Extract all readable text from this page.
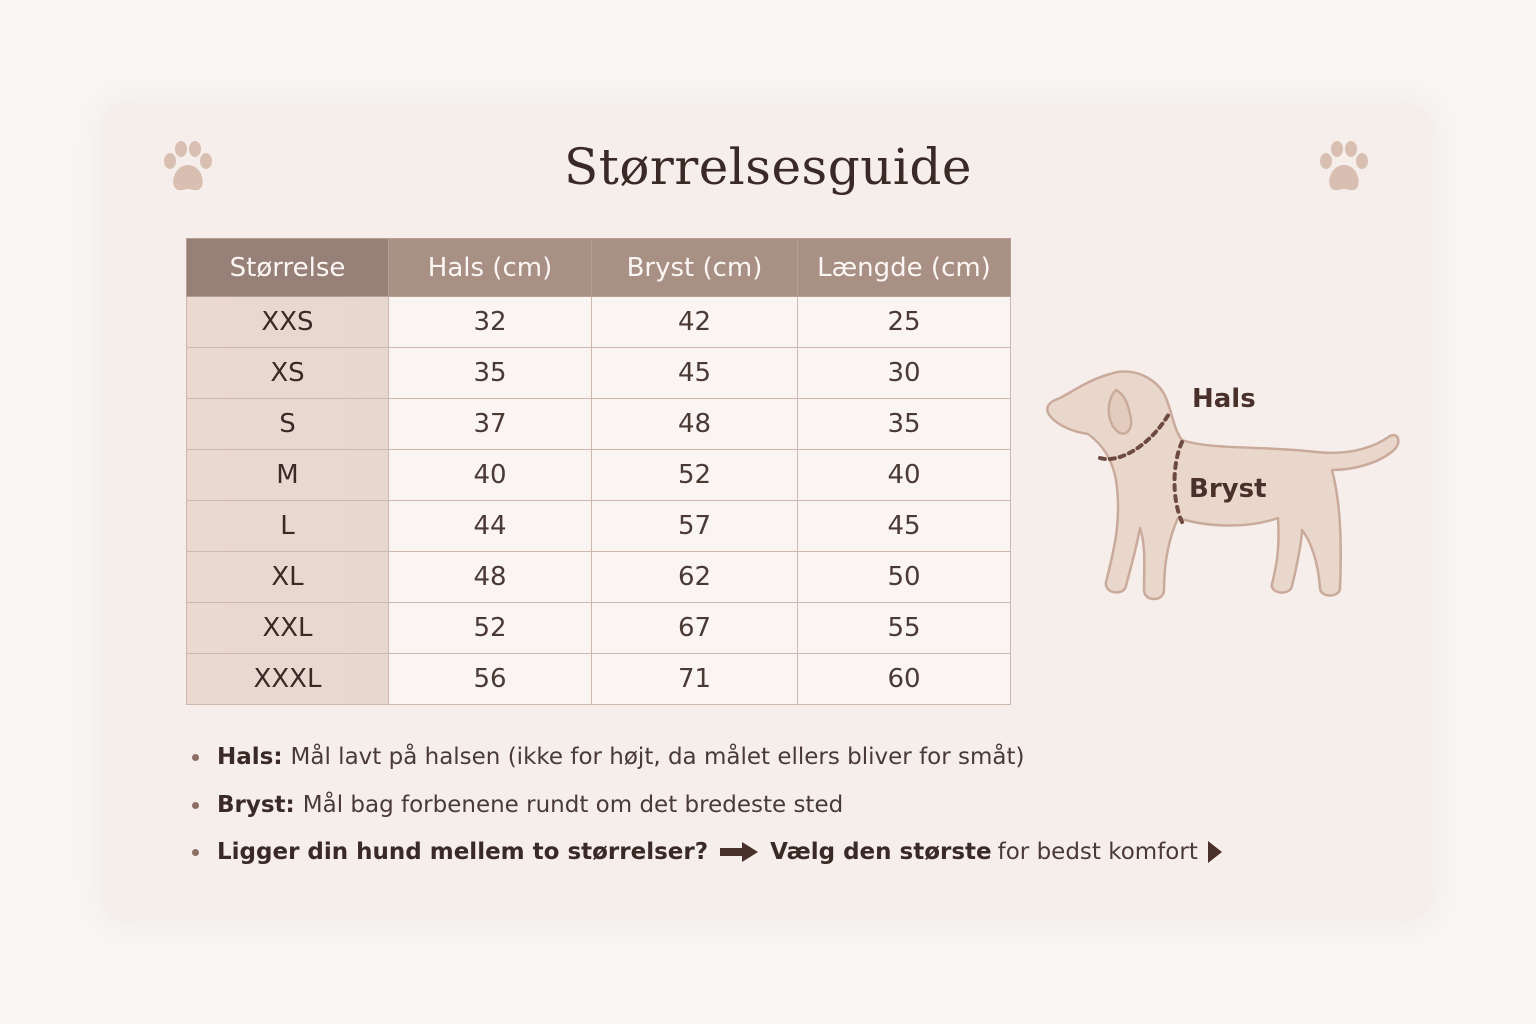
Størrelsesguide
Størrelse	Hals (cm)	Bryst (cm)	Længde (cm)
XXS	32	42	25
XS	35	45	30
S	37	48	35
M	40	52	40
L	44	57	45
XL	48	62	50
XXL	52	67	55
XXXL	56	71	60
Hals
Bryst
Hals: Mål lavt på halsen (ikke for højt, da målet ellers bliver for småt)
Bryst: Mål bag forbenene rundt om det bredeste sted
Ligger din hund mellem to størrelser?	Vælg den største for bedst komfort
